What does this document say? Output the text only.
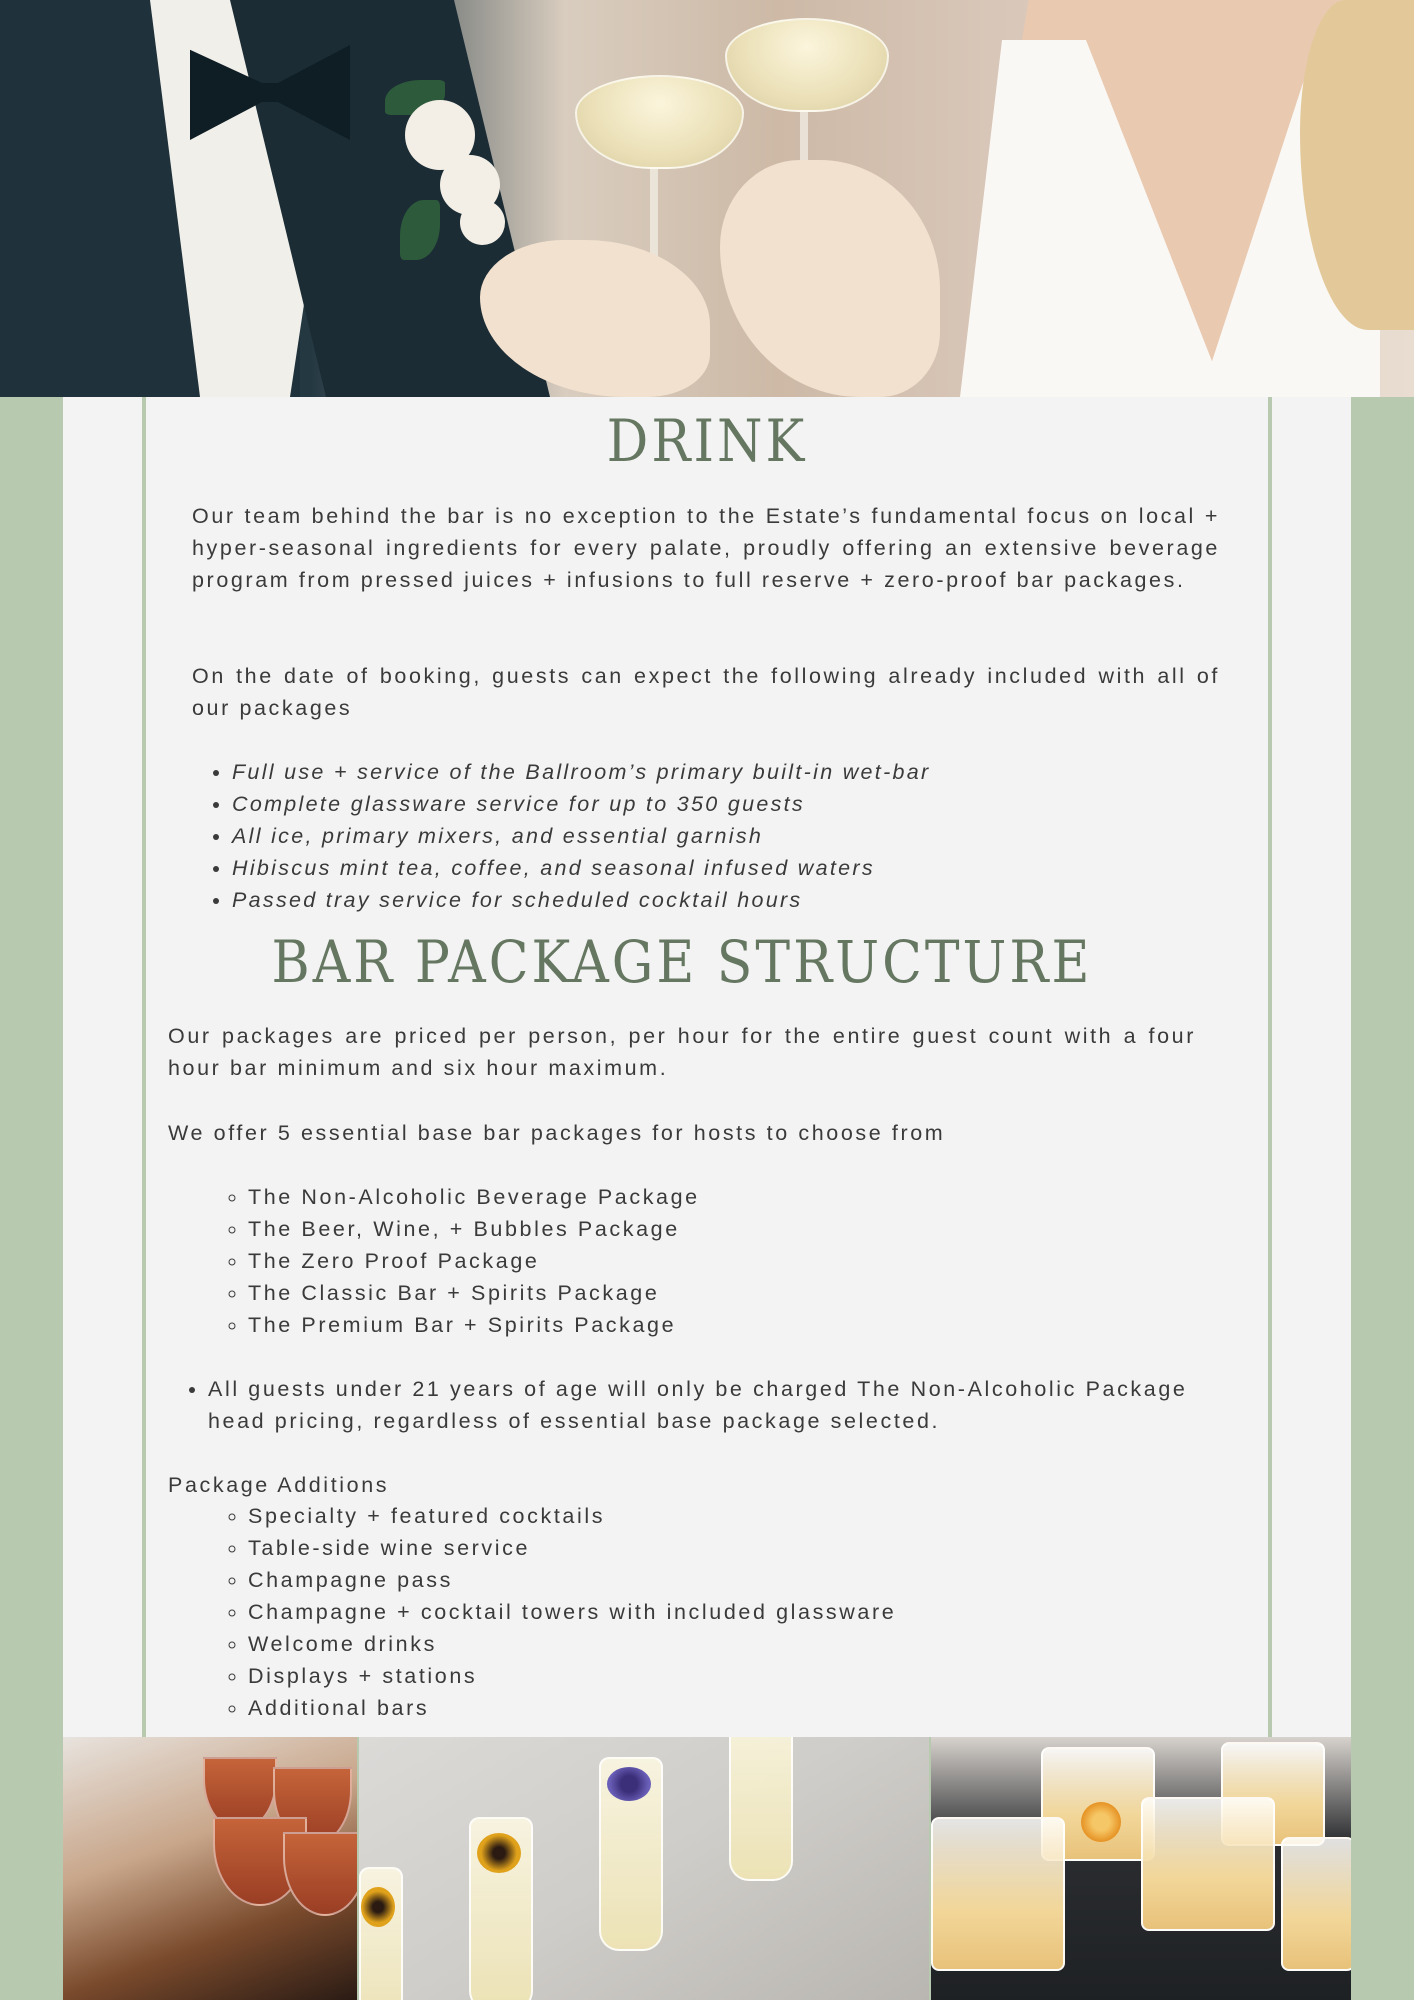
DRINK

Our team behind the bar is no exception to the Estate’s fundamental focus on local + hyper-seasonal ingredients for every palate, proudly offering an extensive beverage program from pressed juices + infusions to full reserve + zero-proof bar packages.

On the date of booking, guests can expect the following already included with all of our packages

• Full use + service of the Ballroom’s primary built-in wet-bar
• Complete glassware service for up to 350 guests
• All ice, primary mixers, and essential garnish
• Hibiscus mint tea, coffee, and seasonal infused waters
• Passed tray service for scheduled cocktail hours
BAR PACKAGE STRUCTURE

Our packages are priced per person, per hour for the entire guest count with a four hour bar minimum and six hour maximum.

We offer 5 essential base bar packages for hosts to choose from

◦ The Non-Alcoholic Beverage Package
◦ The Beer, Wine, + Bubbles Package
◦ The Zero Proof Package
◦ The Classic Bar + Spirits Package
◦ The Premium Bar + Spirits Package
• All guests under 21 years of age will only be charged The Non-Alcoholic Package head pricing, regardless of essential base package selected.

Package Additions

◦ Specialty + featured cocktails
◦ Table-side wine service
◦ Champagne pass
◦ Champagne + cocktail towers with included glassware
◦ Welcome drinks
◦ Displays + stations
◦ Additional bars
